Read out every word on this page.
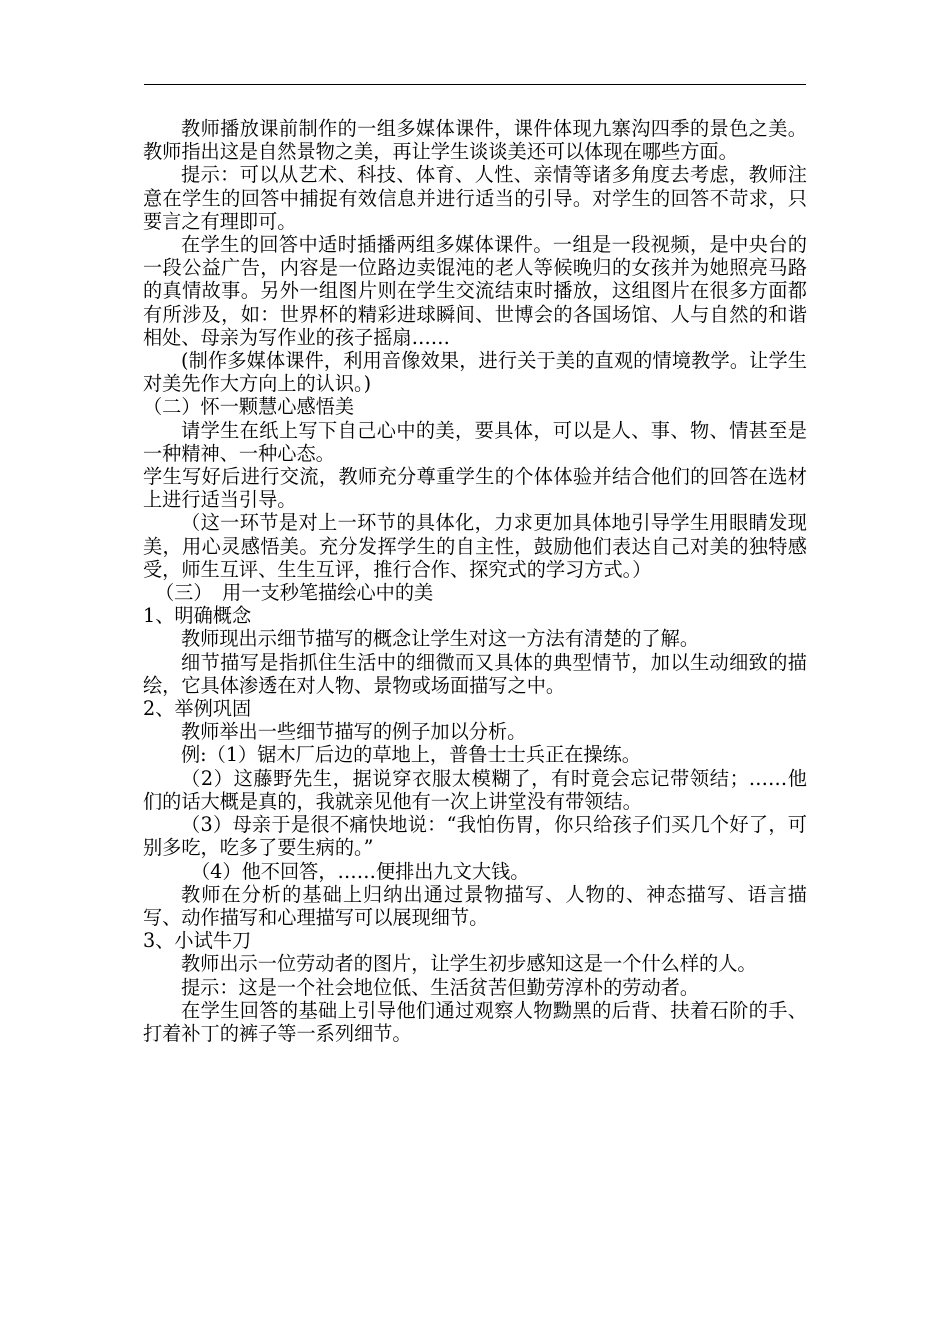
教师播放课前制作的一组多媒体课件，课件体现九寨沟四季的景色之美。教师指出这是自然景物之美，再让学生谈谈美还可以体现在哪些方面。

提示：可以从艺术、科技、体育、人性、亲情等诸多角度去考虑，教师注意在学生的回答中捕捉有效信息并进行适当的引导。对学生的回答不苛求，只要言之有理即可。

在学生的回答中适时插播两组多媒体课件。一组是一段视频，是中央台的一段公益广告，内容是一位路边卖馄沌的老人等候晚归的女孩并为她照亮马路的真情故事。另外一组图片则在学生交流结束时播放，这组图片在很多方面都有所涉及，如：世界杯的精彩进球瞬间、世博会的各国场馆、人与自然的和谐相处、母亲为写作业的孩子摇扇……

(制作多媒体课件，利用音像效果，进行关于美的直观的情境教学。让学生对美先作大方向上的认识。)

（二）怀一颗慧心感悟美

请学生在纸上写下自己心中的美，要具体，可以是人、事、物、情甚至是一种精神、一种心态。

学生写好后进行交流，教师充分尊重学生的个体体验并结合他们的回答在选材上进行适当引导。

（这一环节是对上一环节的具体化，力求更加具体地引导学生用眼睛发现美，用心灵感悟美。充分发挥学生的自主性，鼓励他们表达自己对美的独特感受，师生互评、生生互评，推行合作、探究式的学习方式。）

（三）　用一支秒笔描绘心中的美

1、明确概念

教师现出示细节描写的概念让学生对这一方法有清楚的了解。

细节描写是指抓住生活中的细微而又具体的典型情节，加以生动细致的描绘，它具体渗透在对人物、景物或场面描写之中。

2、举例巩固

教师举出一些细节描写的例子加以分析。

例:（1）锯木厂后边的草地上，普鲁士士兵正在操练。

（2）这藤野先生，据说穿衣服太模糊了，有时竟会忘记带领结；……他们的话大概是真的，我就亲见他有一次上讲堂没有带领结。

（3）母亲于是很不痛快地说：“我怕伤胃，你只给孩子们买几个好了，可别多吃，吃多了要生病的。”

（4）他不回答，……便排出九文大钱。

教师在分析的基础上归纳出通过景物描写、人物的、神态描写、语言描写、动作描写和心理描写可以展现细节。

3、小试牛刀

教师出示一位劳动者的图片，让学生初步感知这是一个什么样的人。

提示：这是一个社会地位低、生活贫苦但勤劳淳朴的劳动者。

在学生回答的基础上引导他们通过观察人物黝黑的后背、扶着石阶的手、打着补丁的裤子等一系列细节。
